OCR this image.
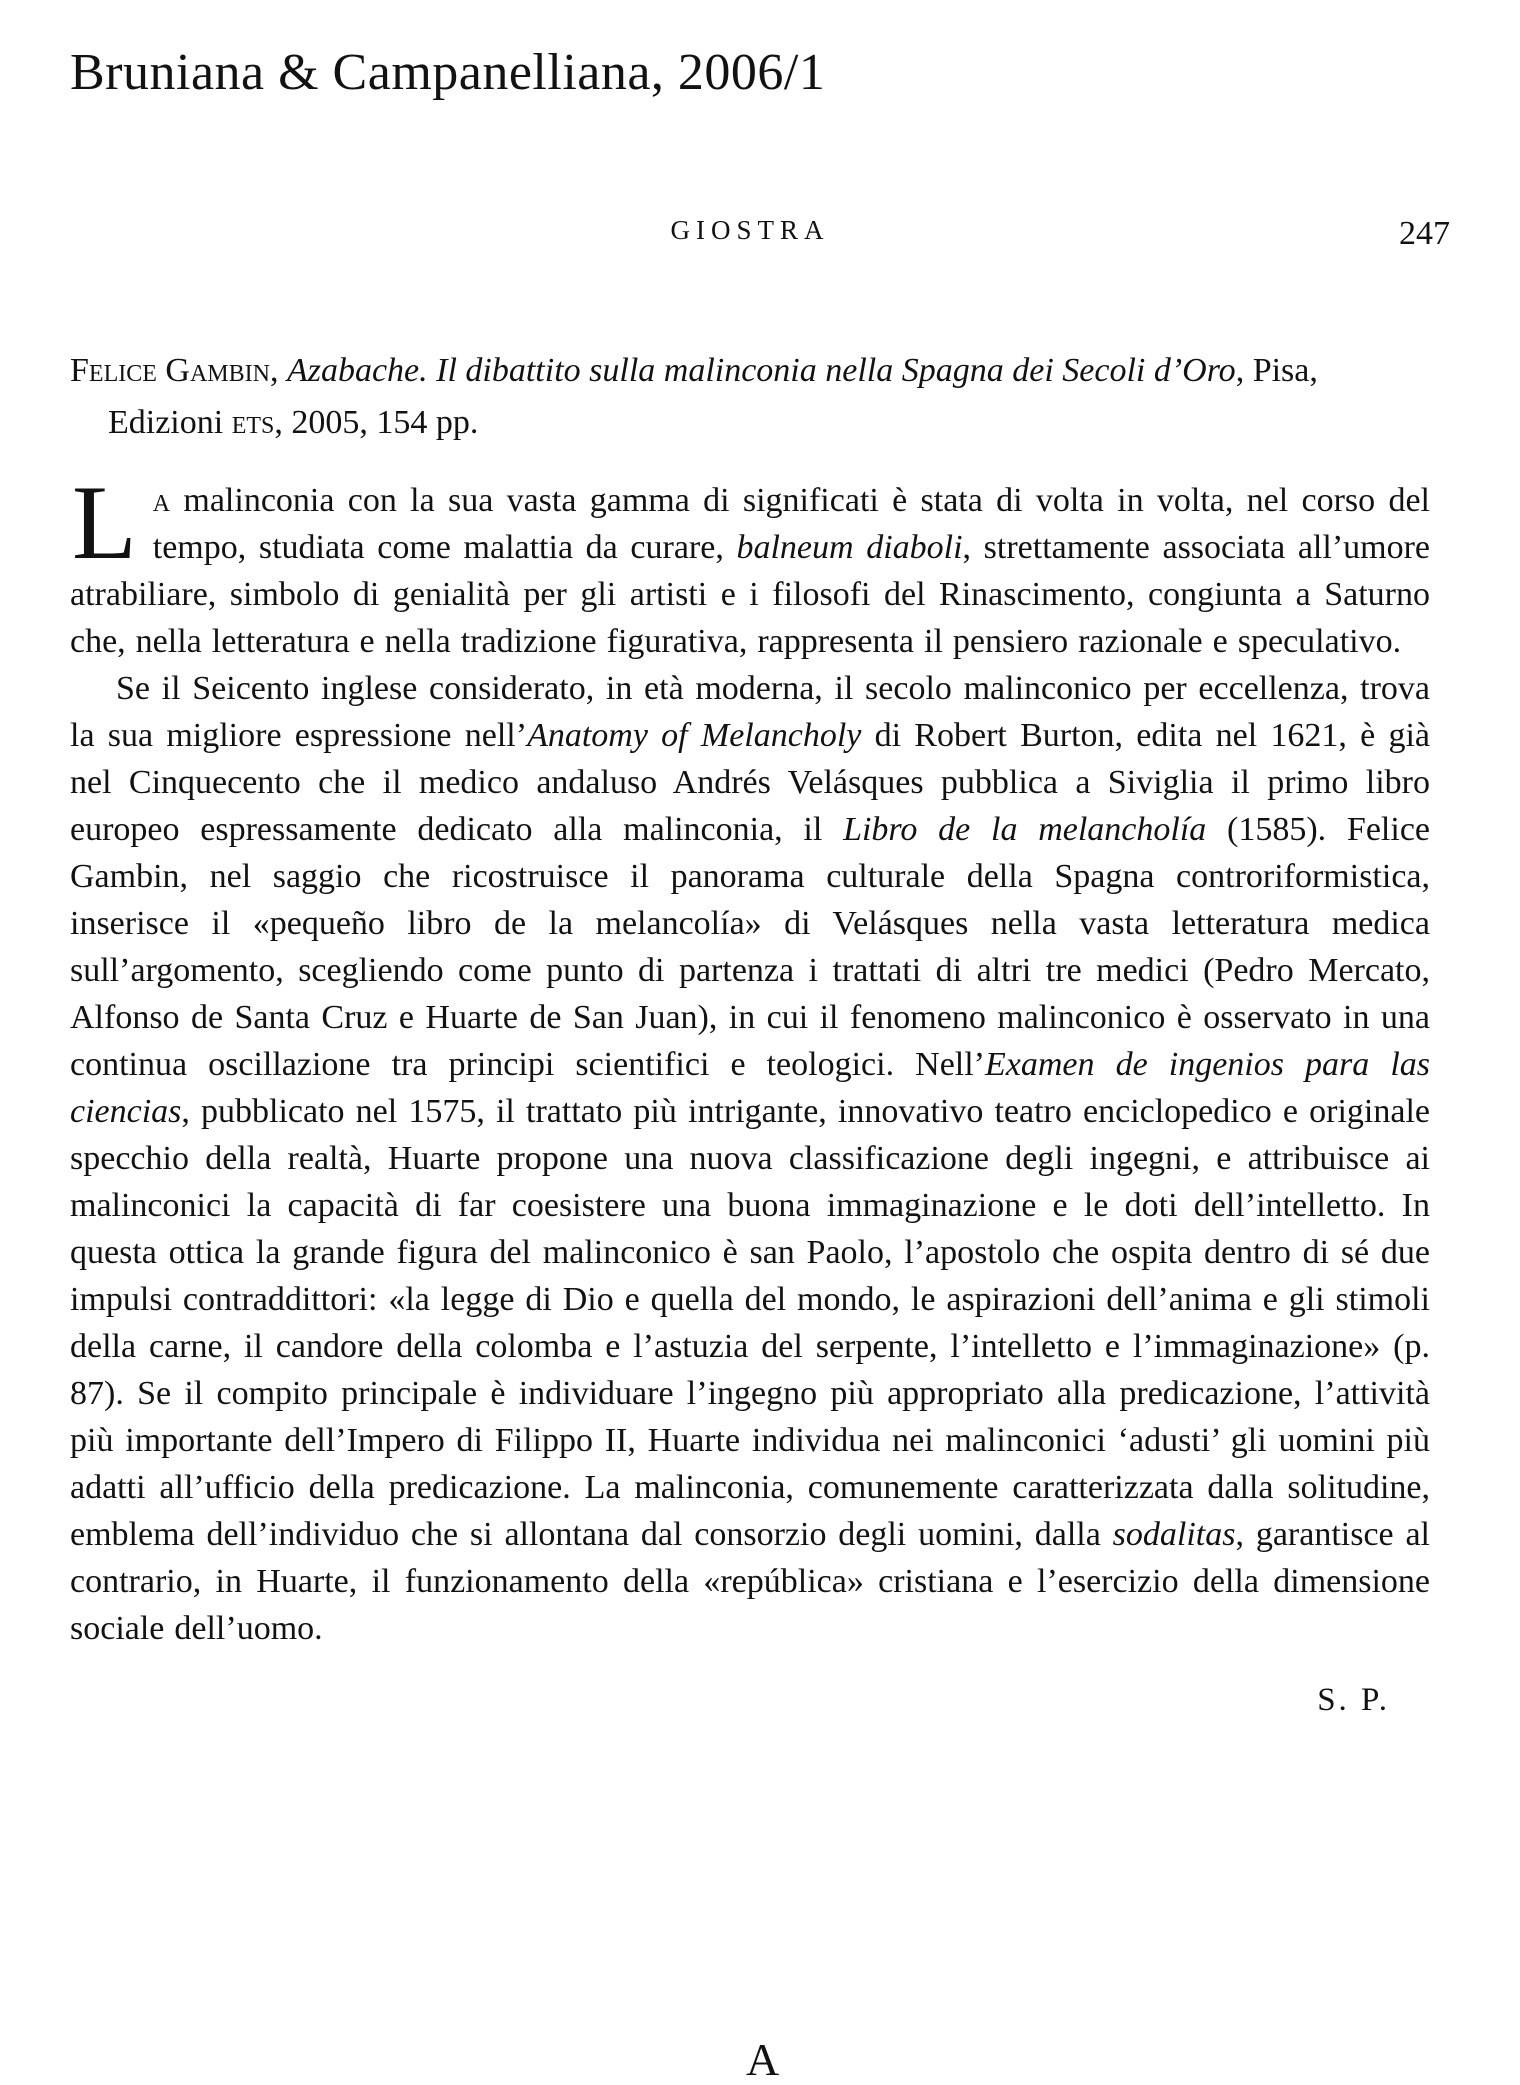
Bruniana & Campanelliana, 2006/1
GIOSTRA	247

Felice Gambin, Azabache. Il dibattito sulla malinconia nella Spagna dei Secoli d’Oro, Pisa, Edizioni ets, 2005, 154 pp.

La malinconia con la sua vasta gamma di significati è stata di volta in volta, nel corso del tempo, studiata come malattia da curare, balneum diaboli, strettamente associata all’umore atrabiliare, simbolo di genialità per gli artisti e i filosofi del Rinascimento, congiunta a Saturno che, nella letteratura e nella tradizione figurativa, rappresenta il pensiero razionale e speculativo.

Se il Seicento inglese considerato, in età moderna, il secolo malinconico per eccellenza, trova la sua migliore espressione nell’Anatomy of Melancholy di Robert Burton, edita nel 1621, è già nel Cinquecento che il medico andaluso Andrés Velásques pubblica a Siviglia il primo libro europeo espressamente dedicato alla malinconia, il Libro de la melancholía (1585). Felice Gambin, nel saggio che ricostruisce il panorama culturale della Spagna controriformistica, inserisce il «pequeño libro de la melancolía» di Velásques nella vasta letteratura medica sull’argomento, scegliendo come punto di partenza i trattati di altri tre medici (Pedro Mercato, Alfonso de Santa Cruz e Huarte de San Juan), in cui il fenomeno malinconico è osservato in una continua oscillazione tra principi scientifici e teologici. Nell’Examen de ingenios para las ciencias, pubblicato nel 1575, il trattato più intrigante, innovativo teatro enciclopedico e originale specchio della realtà, Huarte propone una nuova classificazione degli ingegni, e attribuisce ai malinconici la capacità di far coesistere una buona immaginazione e le doti dell’intelletto. In questa ottica la grande figura del malinconico è san Paolo, l’apostolo che ospita dentro di sé due impulsi contraddittori: «la legge di Dio e quella del mondo, le aspirazioni dell’anima e gli stimoli della carne, il candore della colomba e l’astuzia del serpente, l’intelletto e l’immaginazione» (p. 87). Se il compito principale è individuare l’ingegno più appropriato alla predicazione, l’attività più importante dell’Impero di Filippo II, Huarte individua nei malinconici ‘adusti’ gli uomini più adatti all’ufficio della predicazione. La malinconia, comunemente caratterizzata dalla solitudine, emblema dell’individuo che si allontana dal consorzio degli uomini, dalla sodalitas, garantisce al contrario, in Huarte, il funzionamento della «república» cristiana e l’esercizio della dimensione sociale dell’uomo.

S. P.
A
